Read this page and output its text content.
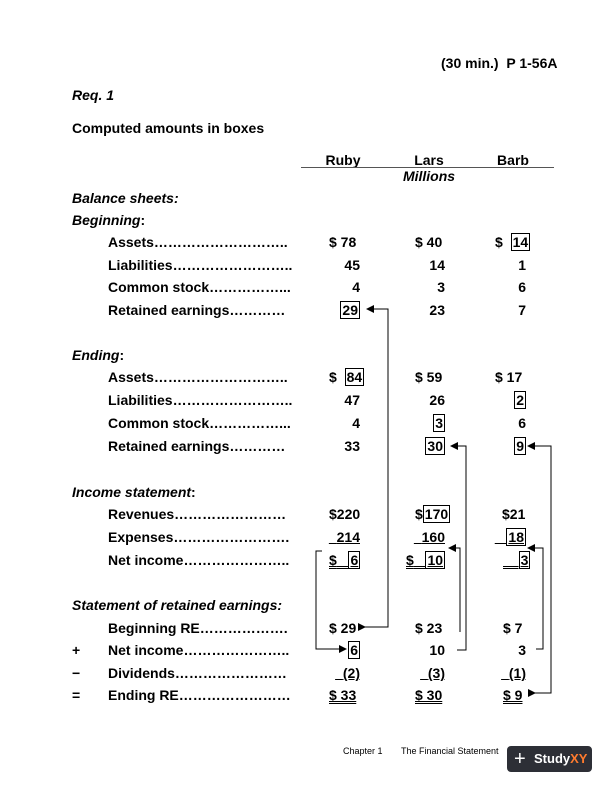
(30 min.) P 1-56A
Req. 1
Computed amounts in boxes
Ruby	Lars	Barb
Millions
Balance sheets:
Beginning:
Assets………………………..	$ 78	$ 40	$ 14
Liabilities……………………..	45	14	1
Common stock……………...	4	3	6
Retained earnings…………	29	23	7
Ending:
Assets………………………..	$ 84	$ 59	$ 17
Liabilities……………………..	47	26	2
Common stock……………...	4	3	6
Retained earnings…………	33	30	9
Income statement:
Revenues……………………	$220	$ 170	$21
Expenses…………………….	214	160	18
Net income…………………..	$ 6	$ 10	3
Statement of retained earnings:
Beginning RE……………….	$ 29	$ 23	$ 7
+ Net income…………………..	6	10	3
− Dividends……………………	(2)	(3)	(1)
= Ending RE……………………	$ 33	$ 30	$ 9
Chapter 1 The Financial Statement + StudyXY
